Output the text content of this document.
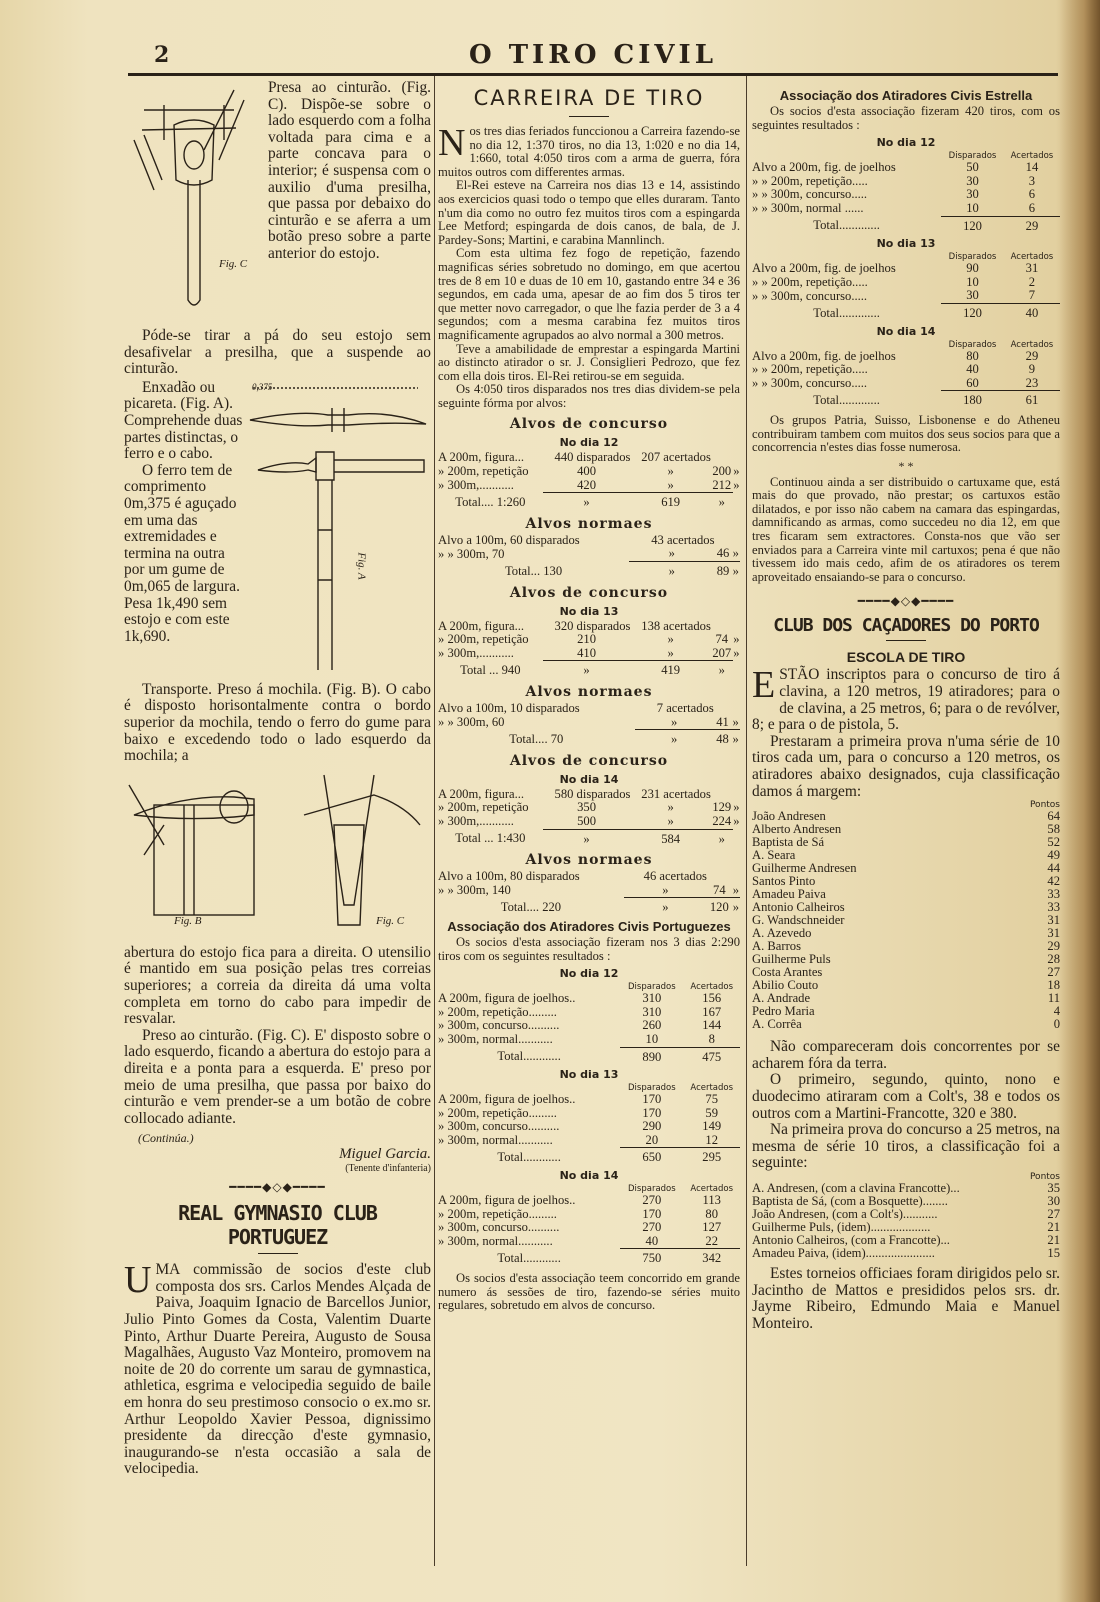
2	O TIRO CIVIL
Fig. C

Presa ao cinturão. (Fig. C). Dispõe-se sobre o lado esquerdo com a folha voltada para cima e a parte concava para o interior; é suspensa com o auxilio d'uma presilha, que passa por debaixo do cinturão e se aferra a um botão preso sobre a parte anterior do estojo.

Póde-se tirar a pá do seu estojo sem desafivelar a presilha, que a suspende ao cinturão.

Enxadão ou picareta. (Fig. A). Comprehende duas partes distinctas, o ferro e o cabo.

O ferro tem de comprimento 0m,375 é aguçado em uma das extremidades e termina na outra por um gume de 0m,065 de largura. Pesa 1k,490 sem estojo e com este 1k,690.

0,375
Fig. A

Transporte. Preso á mochila. (Fig. B). O cabo é disposto horisontalmente contra o bordo superior da mochila, tendo o ferro do gume para baixo e excedendo todo o lado esquerdo da mochila; a

Fig. B	Fig. C

abertura do estojo fica para a direita. O utensilio é mantido em sua posição pelas tres correias superiores; a correia da direita dá uma volta completa em torno do cabo para impedir de resvalar.

Preso ao cinturão. (Fig. C). E' disposto sobre o lado esquerdo, ficando a abertura do estojo para a direita e a ponta para a esquerda. E' preso por meio de uma presilha, que passa por baixo do cinturão e vem prender-se a um botão de cobre collocado adiante.

(Continúa.)
Miguel Garcia.
(Tenente d'infanteria)
━━━━◆◇◆━━━━
REAL GYMNASIO CLUB PORTUGUEZ

UMA commissão de socios d'este club composta dos srs. Carlos Mendes Alçada de Paiva, Joaquim Ignacio de Barcellos Junior, Julio Pinto Gomes da Costa, Valentim Duarte Pinto, Arthur Duarte Pereira, Augusto de Sousa Magalhães, Augusto Vaz Monteiro, promovem na noite de 20 do corrente um sarau de gymnastica, athletica, esgrima e velocipedia seguido de baile em honra do seu prestimoso consocio o ex.mo sr. Arthur Leopoldo Xavier Pessoa, dignissimo presidente da direcção d'este gymnasio, inaugurando-se n'esta occasião a sala de velocipedia.

CARREIRA DE TIRO

Nos tres dias feriados funccionou a Carreira fazendo-se no dia 12, 1:370 tiros, no dia 13, 1:020 e no dia 14, 1:660, total 4:050 tiros com a arma de guerra, fóra muitos outros com differentes armas.

El-Rei esteve na Carreira nos dias 13 e 14, assistindo aos exercicios quasi todo o tempo que elles duraram. Tanto n'um dia como no outro fez muitos tiros com a espingarda Lee Metford; espingarda de dois canos, de bala, de J. Pardey-Sons; Martini, e carabina Mannlinch.

Com esta ultima fez fogo de repetição, fazendo magnificas séries sobretudo no domingo, em que acertou tres de 8 em 10 e duas de 10 em 10, gastando entre 34 e 36 segundos, em cada uma, apesar de ao fim dos 5 tiros ter que metter novo carregador, o que lhe fazia perder de 3 a 4 segundos; com a mesma carabina fez muitos tiros magnificamente agrupados ao alvo normal a 300 metros.

Teve a amabilidade de emprestar a espingarda Martini ao distincto atirador o sr. J. Consiglieri Pedrozo, que fez com ella dois tiros. El-Rei retirou-se em seguida.

Os 4:050 tiros disparados nos tres dias dividem-se pela seguinte fórma por alvos:

Alvos de concurso
No dia 12
A 200m, figura...	440 disparados	207 acertados		
» 200m, repetição	400	»	200	»
» 300m,...........	420	»	212	»
Total.... 1:260	»	619	»	
Alvos normaes
Alvo a 100m, 60 disparados	43 acertados		
» » 300m, 70	»	46	»
Total... 130	»	89	»
Alvos de concurso
No dia 13
A 200m, figura...	320 disparados	138 acertados		
» 200m, repetição	210	»	74	»
» 300m,...........	410	»	207	»
Total ... 940	»	419	»	
Alvos normaes
Alvo a 100m, 10 disparados	7 acertados		
» » 300m, 60	»	41	»
Total.... 70	»	48	»
Alvos de concurso
No dia 14
A 200m, figura...	580 disparados	231 acertados		
» 200m, repetição	350	»	129	»
» 300m,...........	500	»	224	»
Total ... 1:430	»	584	»	
Alvos normaes
Alvo a 100m, 80 disparados	46 acertados		
» » 300m, 140	»	74	»
Total.... 220	»	120	»
Associação dos Atiradores Civis Portuguezes

Os socios d'esta associação fizeram nos 3 dias 2:290 tiros com os seguintes resultados :

No dia 12
	Disparados	Acertados
A 200m, figura de joelhos..	310	156
» 200m, repetição.........	310	167
» 300m, concurso..........	260	144
» 300m, normal...........	10	8
Total............	890	475
No dia 13
	Disparados	Acertados
A 200m, figura de joelhos..	170	75
» 200m, repetição.........	170	59
» 300m, concurso..........	290	149
» 300m, normal...........	20	12
Total............	650	295
No dia 14
	Disparados	Acertados
A 200m, figura de joelhos..	270	113
» 200m, repetição.........	170	80
» 300m, concurso..........	270	127
» 300m, normal...........	40	22
Total............	750	342

Os socios d'esta associação teem concorrido em grande numero ás sessões de tiro, fazendo-se séries muito regulares, sobretudo em alvos de concurso.

Associação dos Atiradores Civis Estrella

Os socios d'esta associação fizeram 420 tiros, com os seguintes resultados :

No dia 12
	Disparados	Acertados
Alvo a 200m, fig. de joelhos	50	14
» » 200m, repetição.....	30	3
» » 300m, concurso.....	30	6
» » 300m, normal ......	10	6
Total.............	120	29
No dia 13
	Disparados	Acertados
Alvo a 200m, fig. de joelhos	90	31
» » 200m, repetição.....	10	2
» » 300m, concurso.....	30	7
Total.............	120	40
No dia 14
	Disparados	Acertados
Alvo a 200m, fig. de joelhos	80	29
» » 200m, repetição.....	40	9
» » 300m, concurso.....	60	23
Total.............	180	61

Os grupos Patria, Suisso, Lisbonense e do Atheneu contribuiram tambem com muitos dos seus socios para que a concorrencia n'estes dias fosse numerosa.

* *

Continuou ainda a ser distribuido o cartuxame que, está mais do que provado, não prestar; os cartuxos estão dilatados, e por isso não cabem na camara das espingardas, damnificando as armas, como succedeu no dia 12, em que tres ficaram sem extractores. Consta-nos que vão ser enviados para a Carreira vinte mil cartuxos; pena é que não tivessem ido mais cedo, afim de os atiradores os terem aproveitado ensaiando-se para o concurso.

━━━━◆◇◆━━━━
CLUB DOS CAÇADORES DO PORTO
ESCOLA DE TIRO

ESTÃO inscriptos para o concurso de tiro á clavina, a 120 metros, 19 atiradores; para o de clavina, a 25 metros, 6; para o de revólver, 8; e para o de pistola, 5.

Prestaram a primeira prova n'uma série de 10 tiros cada um, para o concurso a 120 metros, os atiradores abaixo designados, cuja classificação damos á margem:

Pontos
João Andresen	64
Alberto Andresen	58
Baptista de Sá	52
A. Seara	49
Guilherme Andresen	44
Santos Pinto	42
Amadeu Paiva	33
Antonio Calheiros	33
G. Wandschneider	31
A. Azevedo	31
A. Barros	29
Guilherme Puls	28
Costa Arantes	27
Abilio Couto	18
A. Andrade	11
Pedro Maria	4
A. Corrêa	0

Não compareceram dois concorrentes por se acharem fóra da terra.

O primeiro, segundo, quinto, nono e duodecimo atiraram com a Colt's, 38 e todos os outros com a Martini-Francotte, 320 e 380.

Na primeira prova do concurso a 25 metros, na mesma de série 10 tiros, a classificação foi a seguinte:

Pontos
A. Andresen, (com a clavina Francotte)...	35
Baptista de Sá, (com a Bosquette)........	30
João Andresen, (com a Colt's)...........	27
Guilherme Puls, (idem)...................	21
Antonio Calheiros, (com a Francotte)...	21
Amadeu Paiva, (idem)......................	15

Estes torneios officiaes foram dirigidos pelo sr. Jacintho de Mattos e presididos pelos srs. dr. Jayme Ribeiro, Edmundo Maia e Manuel Monteiro.
